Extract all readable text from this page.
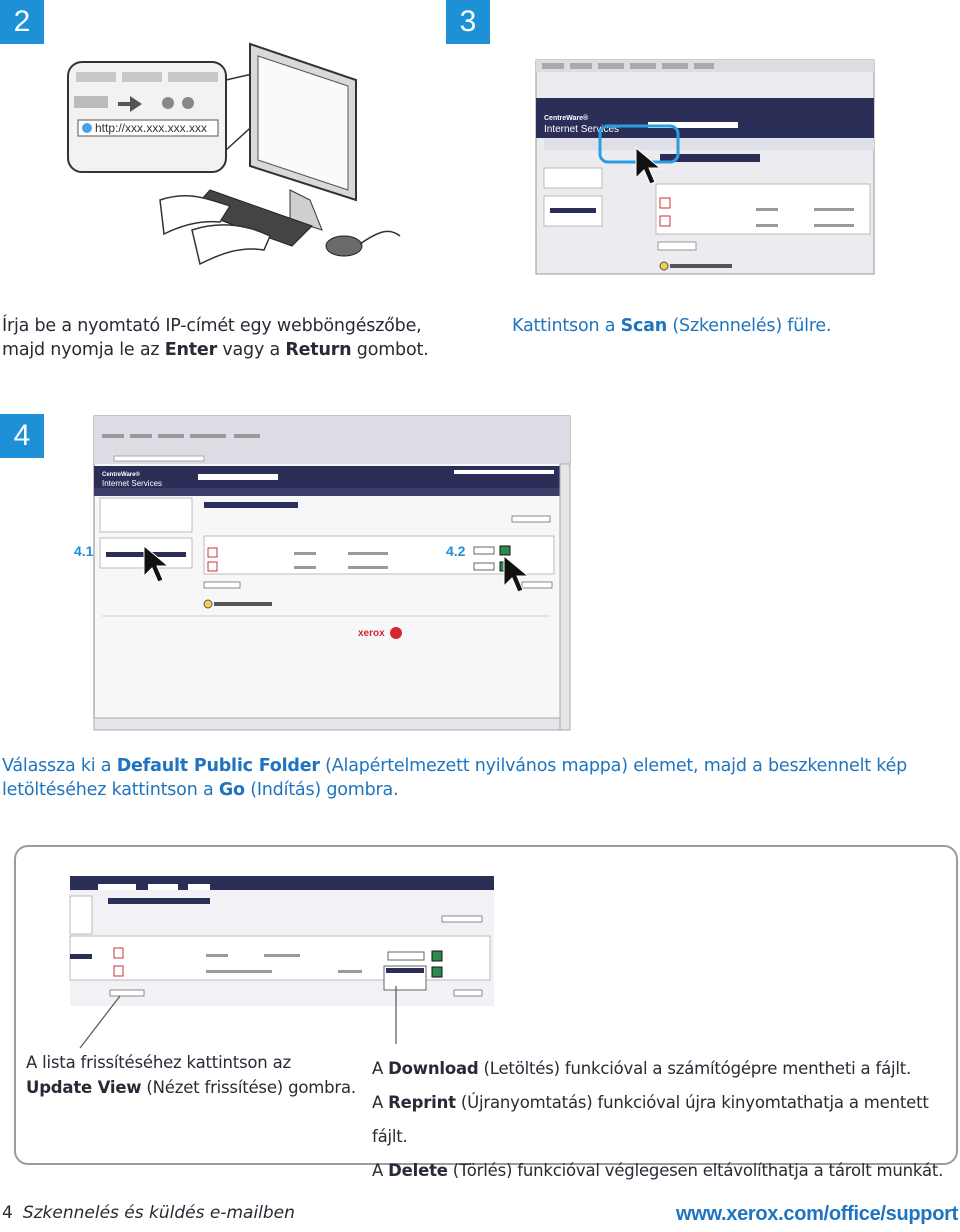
2
http://xxx.xxx.xxx.xxx
Írja be a nyomtató IP-címét egy webböngészőbe,
majd nyomja le az Enter vagy a Return gombot.
3
CentreWare®
Internet Services
Kattintson a Scan (Szkennelés) fülre.
4
CentreWare®
Internet Services
xerox
4.1	4.2
Válassza ki a Default Public Folder (Alapértelmezett nyilvános mappa) elemet, majd a beszkennelt kép
letöltéséhez kattintson a Go (Indítás) gombra.
A lista frissítéséhez kattintson az
Update View (Nézet frissítése) gombra.
A Download (Letöltés) funkcióval a számítógépre mentheti a fájlt.
A Reprint (Újranyomtatás) funkcióval újra kinyomtathatja a mentett fájlt.
A Delete (Törlés) funkcióval véglegesen eltávolíthatja a tárolt munkát.
4 Szkennelés és küldés e-mailben	www.xerox.com/office/support
